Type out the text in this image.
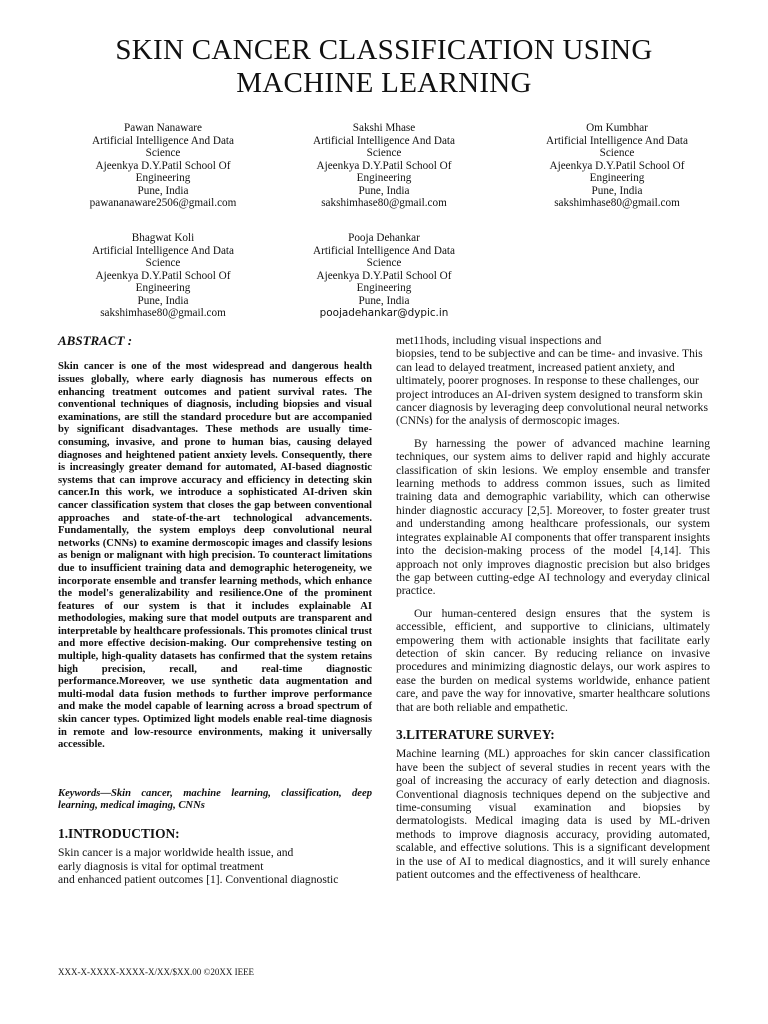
SKIN CANCER CLASSIFICATION USING
MACHINE LEARNING
Pawan Nanaware
Artificial Intelligence And Data Science
Ajeenkya D.Y.Patil School Of Engineering
Pune, India
pawananaware2506@gmail.com
Sakshi Mhase
Artificial Intelligence And Data Science
Ajeenkya D.Y.Patil School Of Engineering
Pune, India
sakshimhase80@gmail.com
Om Kumbhar
Artificial Intelligence And Data Science
Ajeenkya D.Y.Patil School Of Engineering
Pune, India
sakshimhase80@gmail.com
Bhagwat Koli
Artificial Intelligence And Data Science
Ajeenkya D.Y.Patil School Of Engineering
Pune, India
sakshimhase80@gmail.com
Pooja Dehankar
Artificial Intelligence And Data Science
Ajeenkya D.Y.Patil School Of Engineering
Pune, India
poojadehankar@dypic.in
ABSTRACT :

Skin cancer is one of the most widespread and dangerous health issues globally, where early diagnosis has numerous effects on enhancing treatment outcomes and patient survival rates. The conventional techniques of diagnosis, including biopsies and visual examinations, are still the standard procedure but are accompanied by significant disadvantages. These methods are usually time-consuming, invasive, and prone to human bias, causing delayed diagnoses and heightened patient anxiety levels. Consequently, there is increasingly greater demand for automated, AI-based diagnostic systems that can improve accuracy and efficiency in detecting skin cancer.In this work, we introduce a sophisticated AI-driven skin cancer classification system that closes the gap between conventional approaches and state-of-the-art technological advancements. Fundamentally, the system employs deep convolutional neural networks (CNNs) to examine dermoscopic images and classify lesions as benign or malignant with high precision. To counteract limitations due to insufficient training data and demographic heterogeneity, we incorporate ensemble and transfer learning methods, which enhance the model's generalizability and resilience.One of the prominent features of our system is that it includes explainable AI methodologies, making sure that model outputs are transparent and interpretable by healthcare professionals. This promotes clinical trust and more effective decision-making. Our comprehensive testing on multiple, high-quality datasets has confirmed that the system retains high precision, recall, and real-time diagnostic performance.Moreover, we use synthetic data augmentation and multi-modal data fusion methods to further improve performance and make the model capable of learning across a broad spectrum of skin cancer types. Optimized light models enable real-time diagnosis in remote and low-resource environments, making it universally accessible.

Keywords—Skin cancer, machine learning, classification, deep learning, medical imaging, CNNs

1.INTRODUCTION:
Skin cancer is a major worldwide health issue, and
early diagnosis is vital for optimal treatment
and enhanced patient outcomes [1]. Conventional diagnostic
met11hods, including visual inspections and

biopsies, tend to be subjective and can be time- and invasive. This can lead to delayed treatment, increased patient anxiety, and ultimately, poorer prognoses. In response to these challenges, our project introduces an AI-driven system designed to transform skin cancer diagnosis by leveraging deep convolutional neural networks (CNNs) for the analysis of dermoscopic images.

By harnessing the power of advanced machine learning techniques, our system aims to deliver rapid and highly accurate classification of skin lesions. We employ ensemble and transfer learning methods to address common issues, such as limited training data and demographic variability, which can otherwise hinder diagnostic accuracy [2,5]. Moreover, to foster greater trust and understanding among healthcare professionals, our system integrates explainable AI components that offer transparent insights into the decision-making process of the model [4,14]. This approach not only improves diagnostic precision but also bridges the gap between cutting-edge AI technology and everyday clinical practice.

Our human-centered design ensures that the system is accessible, efficient, and supportive to clinicians, ultimately empowering them with actionable insights that facilitate early detection of skin cancer. By reducing reliance on invasive procedures and minimizing diagnostic delays, our work aspires to ease the burden on medical systems worldwide, enhance patient care, and pave the way for innovative, smarter healthcare solutions that are both reliable and empathetic.

3.LITERATURE SURVEY:

Machine learning (ML) approaches for skin cancer classification have been the subject of several studies in recent years with the goal of increasing the accuracy of early detection and diagnosis. Conventional diagnosis techniques depend on the subjective and time-consuming visual examination and biopsies by dermatologists. Medical imaging data is used by ML-driven methods to improve diagnosis accuracy, providing automated, scalable, and effective solutions. This is a significant development in the use of AI to medical diagnostics, and it will surely enhance patient outcomes and the effectiveness of healthcare.

XXX-X-XXXX-XXXX-X/XX/$XX.00 ©20XX IEEE
